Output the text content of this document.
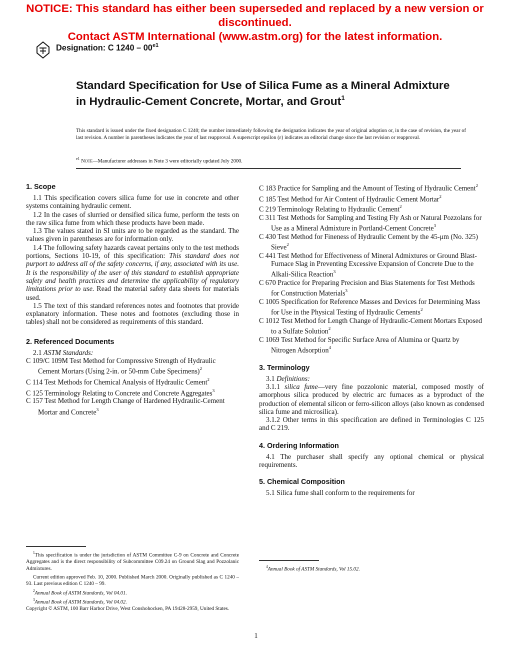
NOTICE: This standard has either been superseded and replaced by a new version or discontinued.
Contact ASTM International (www.astm.org) for the latest information.
Designation: C $1240 - 00^{e1}$
Standard Specification for Use of Silica Fume as a Mineral Admixture in Hydraulic-Cement Concrete, Mortar, and Grout$^1$
This standard is issued under the fixed designation C 1240; the number immediately following the designation indicates the year of original adoption or, in the case of revision, the year of last revision. A number in parentheses indicates the year of last reapproval. A superscript epsilon (ε) indicates an editorial change since the last revision or reapproval.
$^{e1}$ Note—Manufacturer addresses in Note 3 were editorially updated July 2000.
1. Scope

1.1 This specification covers silica fume for use in concrete and other systems containing hydraulic cement.

1.2 In the cases of slurried or densified silica fume, perform the tests on the raw silica fume from which these products have been made.

1.3 The values stated in SI units are to be regarded as the standard. The values given in parentheses are for information only.

1.4 The following safety hazards caveat pertains only to the test methods portions, Sections 10-19, of this specification: This standard does not purport to address all of the safety concerns, if any, associated with its use. It is the responsibility of the user of this standard to establish appropriate safety and health practices and determine the applicability of regulatory limitations prior to use. Read the material safety data sheets for materials used.

1.5 The text of this standard references notes and footnotes that provide explanatory information. These notes and footnotes (excluding those in tables) shall not be considered as requirements of this standard.

2. Referenced Documents

2.1 ASTM Standards:

C 109/C 109M Test Method for Compressive Strength of Hydraulic Cement Mortars (Using 2-in. or 50-mm Cube Specimens)$^2$

C 114 Test Methods for Chemical Analysis of Hydraulic Cement$^2$

C 125 Terminology Relating to Concrete and Concrete Aggregates$^3$

C 157 Test Method for Length Change of Hardened Hydraulic-Cement Mortar and Concrete$^3$

C 183 Practice for Sampling and the Amount of Testing of Hydraulic Cement$^2$

C 185 Test Method for Air Content of Hydraulic Cement Mortar$^2$

C 219 Terminology Relating to Hydraulic Cement$^2$

C 311 Test Methods for Sampling and Testing Fly Ash or Natural Pozzolans for Use as a Mineral Admixture in Portland-Cement Concrete$^3$

C 430 Test Method for Fineness of Hydraulic Cement by the 45-μm (No. 325) Sieve$^2$

C 441 Test Method for Effectiveness of Mineral Admixtures or Ground Blast-Furnace Slag in Preventing Excessive Expansion of Concrete Due to the Alkali-Silica Reaction$^3$

C 670 Practice for Preparing Precision and Bias Statements for Test Methods for Construction Materials$^3$

C 1005 Specification for Reference Masses and Devices for Determining Mass for Use in the Physical Testing of Hydraulic Cements$^2$

C 1012 Test Method for Length Change of Hydraulic-Cement Mortars Exposed to a Sulfate Solution$^2$

C 1069 Test Method for Specific Surface Area of Alumina or Quartz by Nitrogen Adsorption$^4$

3. Terminology

3.1 Definitions:

3.1.1 silica fume—very fine pozzolonic material, composed mostly of amorphous silica produced by electric arc furnaces as a byproduct of the production of elemental silicon or ferro-silicon alloys (also known as condensed silica fume and microsilica).

3.1.2 Other terms in this specification are defined in Terminologies C 125 and C 219.

4. Ordering Information

4.1 The purchaser shall specify any optional chemical or physical requirements.

5. Chemical Composition

5.1 Silica fume shall conform to the requirements for

$^1$This specification is under the jurisdiction of ASTM Committee C-9 on Concrete and Concrete Aggregates and is the direct responsibility of Subcommittee C09.24 on Ground Slag and Pozzolanic Admixtures.

Current edition approved Feb. 10, 2000. Published March 2000. Originally published as C 1240 – 93. Last previous edition C 1240 – 99.

$^2$Annual Book of ASTM Standards, Vol 04.01.

$^3$Annual Book of ASTM Standards, Vol 04.02.

$^4$Annual Book of ASTM Standards, Vol 15.02.

Copyright © ASTM, 100 Barr Harbor Drive, West Conshohocken, PA 19428-2959, United States.
1
